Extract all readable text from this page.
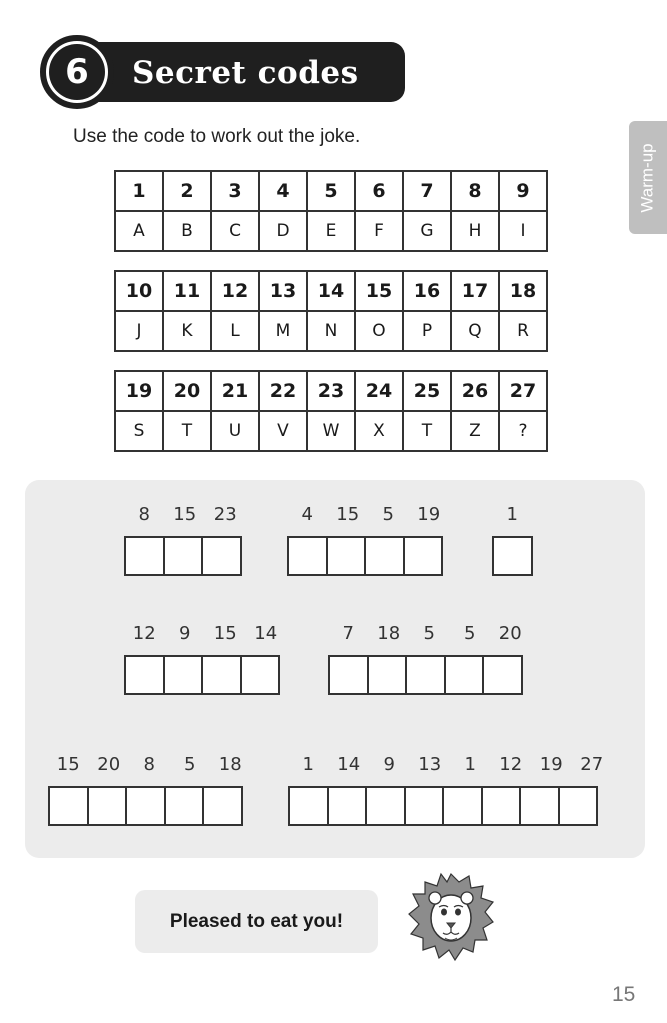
Secret codes
6
Use the code to work out the joke.
Warm-up
1	2	3	4	5	6	7	8	9
A	B	C	D	E	F	G	H	I
10	11	12	13	14	15	16	17	18
J	K	L	M	N	O	P	Q	R
19	20	21	22	23	24	25	26	27
S	T	U	V	W	X	T	Z	?
8	15 23	4	15	5	19	1
12	9	15 14	7	18	5	5	20
15 20	8	5	18	1	14	9	13	1	12 19 27
Pleased to eat you!
15
